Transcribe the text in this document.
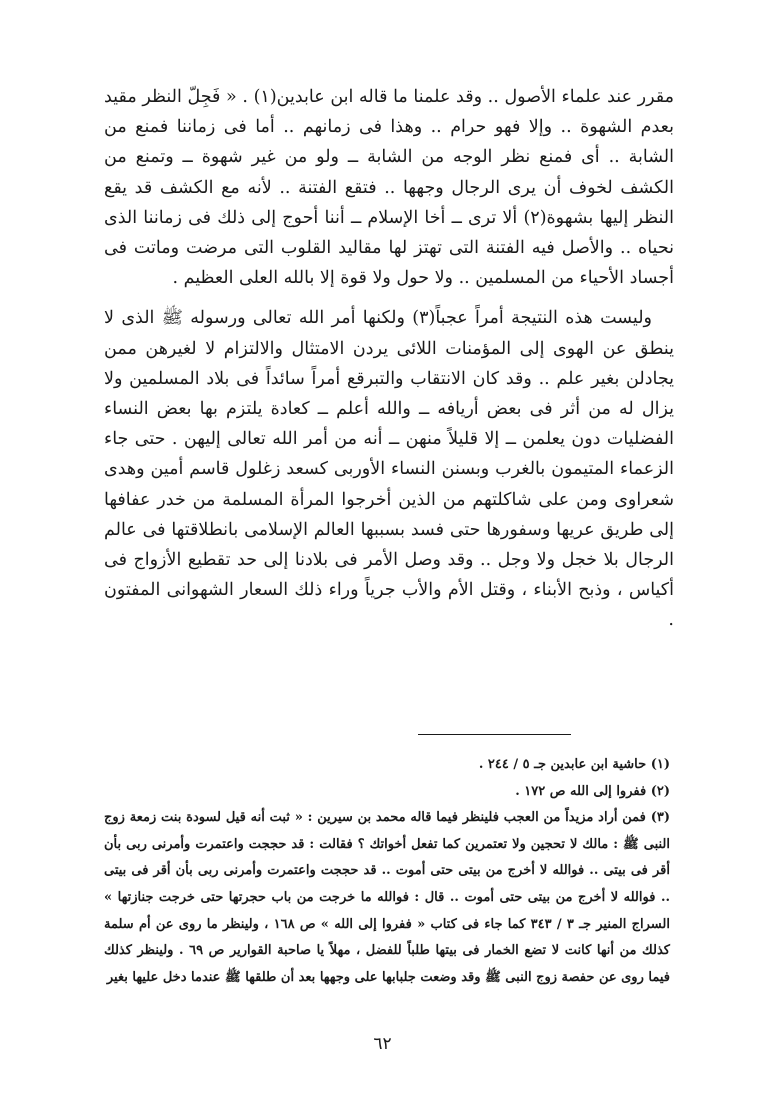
مقرر عند علماء الأصول .. وقد علمنا ما قاله ابن عابدين(١) . « فَجِلّ النظر مقيد بعدم الشهوة .. وإلا فهو حرام .. وهذا فى زمانهم .. أما فى زماننا فمنع من الشابة .. أى فمنع نظر الوجه من الشابة ــ ولو من غير شهوة ــ وتمنع من الكشف لخوف أن يرى الرجال وجهها .. فتقع الفتنة .. لأنه مع الكشف قد يقع النظر إليها بشهوة(٢) ألا ترى ــ أخا الإسلام ــ أننا أحوج إلى ذلك فى زماننا الذى نحياه .. والأصل فيه الفتنة التى تهتز لها مقاليد القلوب التى مرضت وماتت فى أجساد الأحياء من المسلمين .. ولا حول ولا قوة إلا بالله العلى العظيم .

وليست هذه النتيجة أمراً عجباً(٣) ولكنها أمر الله تعالى ورسوله ﷺ الذى لا ينطق عن الهوى إلى المؤمنات اللائى يردن الامتثال والالتزام لا لغيرهن ممن يجادلن بغير علم .. وقد كان الانتقاب والتبرقع أمراً سائداً فى بلاد المسلمين ولا يزال له من أثر فى بعض أريافه ــ والله أعلم ــ كعادة يلتزم بها بعض النساء الفضليات دون يعلمن ــ إلا قليلاً منهن ــ أنه من أمر الله تعالى إليهن . حتى جاء الزعماء المتيمون بالغرب وبسنن النساء الأوربى كسعد زغلول قاسم أمين وهدى شعراوى ومن على شاكلتهم من الذين أخرجوا المرأة المسلمة من خدر عفافها إلى طريق عريها وسفورها حتى فسد بسببها العالم الإسلامى بانطلاقتها فى عالم الرجال بلا خجل ولا وجل .. وقد وصل الأمر فى بلادنا إلى حد تقطيع الأزواج فى أكياس ، وذبح الأبناء ، وقتل الأم والأب جرياً وراء ذلك السعار الشهوانى المفتون .

(١) حاشية ابن عابدين جـ ٥ / ٢٤٤ .

(٢) ففروا إلى الله ص ١٧٢ .

(٣) فمن أراد مزيداً من العجب فلينظر فيما قاله محمد بن سيرين : « ثبت أنه قيل لسودة بنت زمعة زوج النبى ﷺ : مالك لا تحجين ولا تعتمرين كما تفعل أخواتك ؟ فقالت : قد حججت واعتمرت وأمرنى ربى بأن أقر فى بيتى .. فوالله لا أخرج من بيتى حتى أموت .. قد حججت واعتمرت وأمرنى ربى بأن أقر فى بيتى .. فوالله لا أخرج من بيتى حتى أموت .. قال : فوالله ما خرجت من باب حجرتها حتى خرجت جنازتها » السراج المنير جـ ٣ / ٣٤٣ كما جاء فى كتاب « ففروا إلى الله » ص ١٦٨ ، ولينظر ما روى عن أم سلمة كذلك من أنها كانت لا تضع الخمار فى بيتها طلباً للفضل ، مهلاً يا صاحبة القوارير ص ٦٩ . ولينظر كذلك فيما روى عن حفصة زوج النبى ﷺ وقد وضعت جلبابها على وجهها بعد أن طلقها ﷺ عندما دخل عليها بغير

٦٢
